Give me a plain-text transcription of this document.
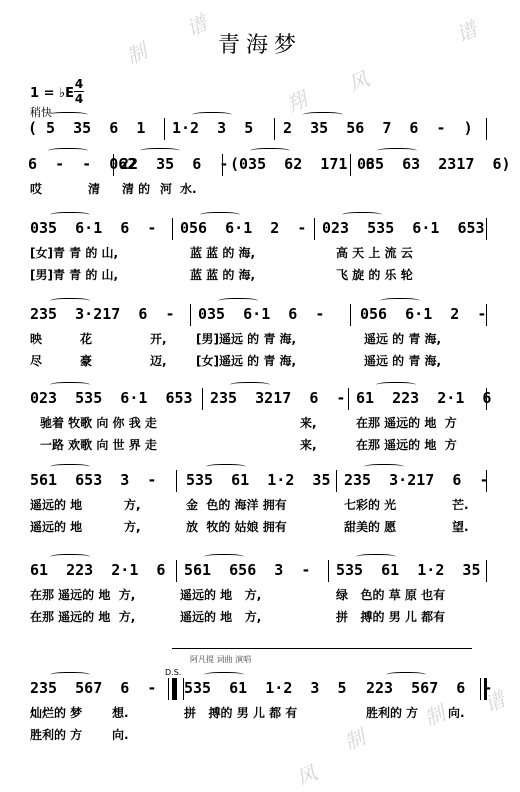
青海梦
1 = ♭E
4
4
稍快
阿凡提 词曲 演唱
D.S.
谱
制
风
谱
翔
制 谱
制
风
( 5  35  6  1 1·2  3  5 2  35  56  7  6  -  )
6  -  -  062
22  35  6  - (035  62  171  6
035  63  2317  6)
哎	清 清 的 河 水.
035  6·1  6  - 056  6·1  2  - 023  535  6·1  653
[女]青 青 的 山,	蓝 蓝 的 海,	高 天 上 流 云
[男]青 青 的 山,	蓝 蓝 的 海,	飞 旋 的 乐 轮
235  3·217  6  - 035  6·1  6  - 056  6·1  2  -
映	花	开, [男]遥远 的 青 海,	遥远 的 青 海,
尽	豪	迈, [女]遥远 的 青 海,	遥远 的 青 海,
023  535  6·1  653 235  3217  6  - 61  223  2·1  6
驰着 牧歌 向 你 我 走	来,	在那 遥远的 地  方
一路 欢歌 向 世 界 走	来,	在那 遥远的 地  方
561  653  3  - 535  61  1·2  35 235  3·217  6  -
遥远的 地	方,	金  色的 海洋 拥有	七彩的 光	芒.
遥远的 地	方,	放  牧的 姑娘 拥有	甜美的 愿	望.
61  223  2·1  6 561  656  3  - 535  61  1·2  35
在那 遥远的 地  方,	遥远的 地   方,	绿   色的 草 原 也有
在那 遥远的 地  方,	遥远的 地   方,	拼   搏的 男 儿 都有
235  567  6  - 535  61  1·2  3  5 223  567  6  -
灿烂的 梦 想.	拼   搏的 男 儿 都 有	胜利的 方 向.
胜利的 方 向.
